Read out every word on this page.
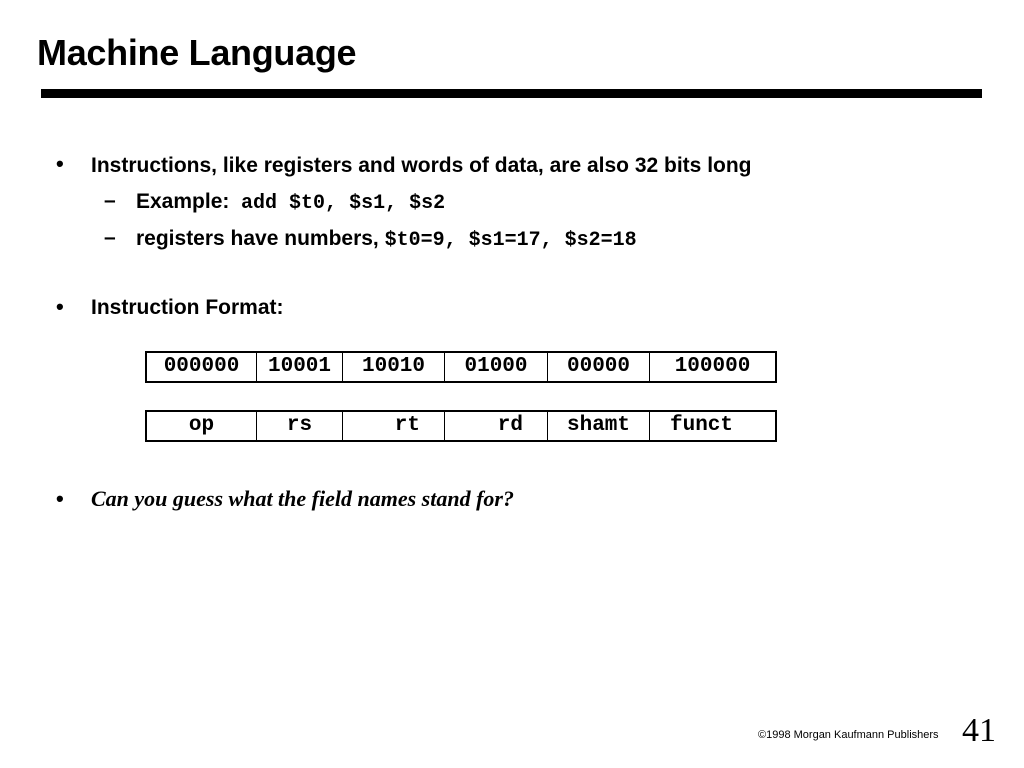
Machine Language
• Instructions, like registers and words of data, are also 32 bits long
– Example: add $t0, $s1, $s2
– registers have numbers, $t0=9, $s1=17, $s2=18
• Instruction Format:
000000	10001	10010	01000	00000	100000
op	rs	rt	rd	shamt	funct
• Can you guess what the field names stand for?
©1998 Morgan Kaufmann Publishers 41
